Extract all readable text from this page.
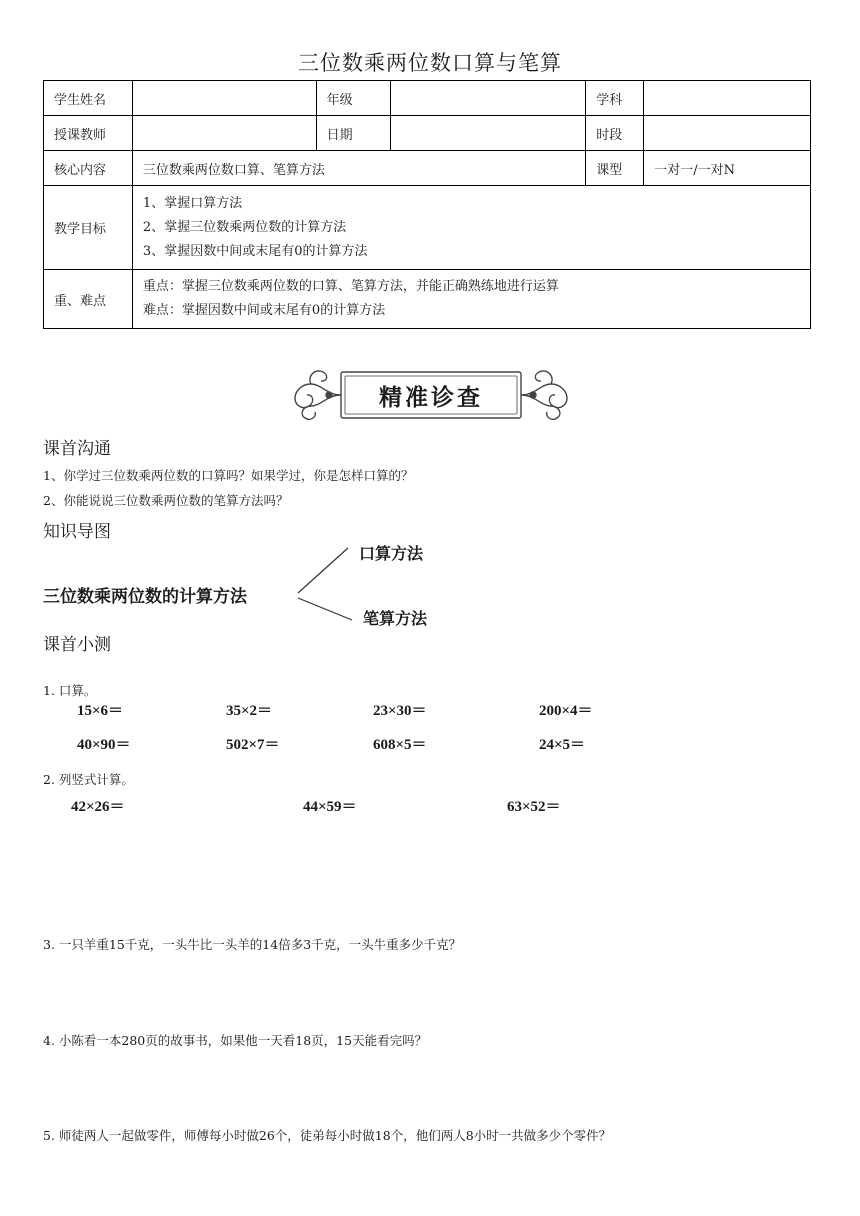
三位数乘两位数口算与笔算
学生姓名		年级		学科	
授课教师		日期		时段	
核心内容	三位数乘两位数口算、笔算方法			课型	一对一/一对N
教学目标	1、掌握口算方法
2、掌握三位数乘两位数的计算方法
3、掌握因数中间或末尾有0的计算方法				

重、难点	重点：掌握三位数乘两位数的口算、笔算方法，并能正确熟练地进行运算
难点：掌握因数中间或末尾有0的计算方法				
精准诊查
课首沟通
1、你学过三位数乘两位数的口算吗？如果学过，你是怎样口算的？
2、你能说说三位数乘两位数的笔算方法吗？
知识导图
三位数乘两位数的计算方法
口算方法
笔算方法
课首小测
1. 口算。
15×6＝	35×2＝	23×30＝	200×4＝
40×90＝	502×7＝	608×5＝	24×5＝
2. 列竖式计算。
42×26＝	44×59＝	63×52＝
3. 一只羊重15千克，一头牛比一头羊的14倍多3千克，一头牛重多少千克？
4. 小陈看一本280页的故事书，如果他一天看18页，15天能看完吗？
5. 师徒两人一起做零件，师傅每小时做26个，徒弟每小时做18个，他们两人8小时一共做多少个零件？
